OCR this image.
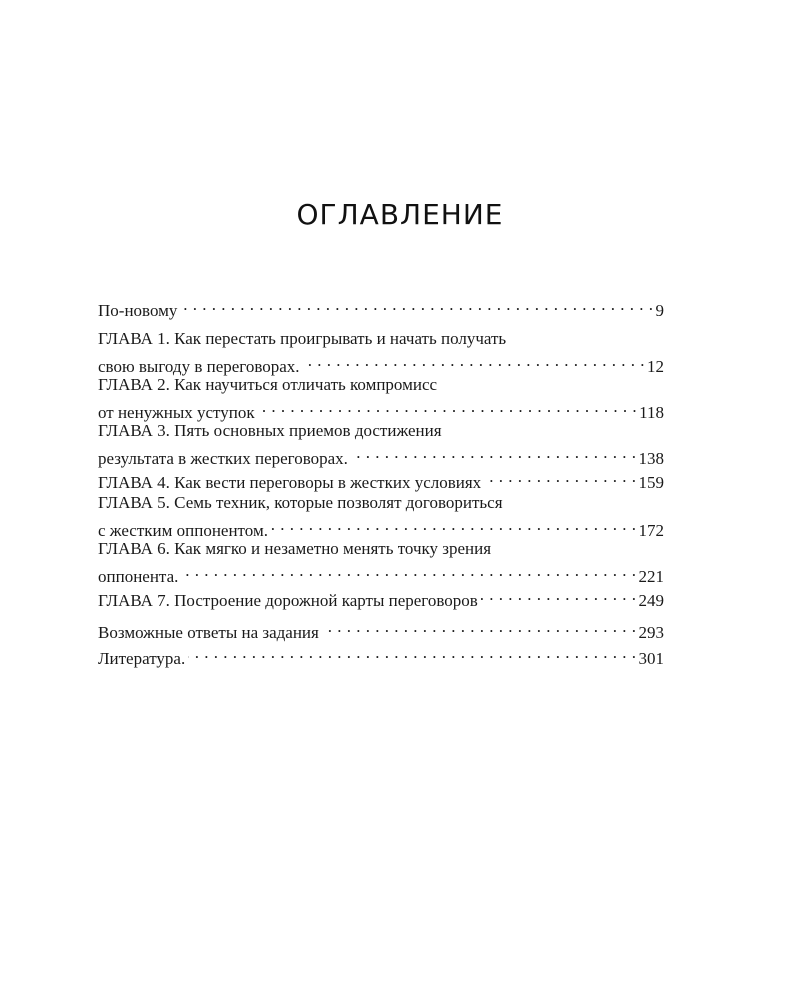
ОГЛАВЛЕНИЕ
По-новому . . .	9
ГЛАВА 1. Как перестать проигрывать и начать получать
свою выгоду в переговорах. . . .	12
ГЛАВА 2. Как научиться отличать компромисс
от ненужных уступок . . .	118
ГЛАВА 3. Пять основных приемов достижения
результата в жестких переговорах. . . .	138
ГЛАВА 4. Как вести переговоры в жестких условиях . . .	159
ГЛАВА 5. Семь техник, которые позволят договориться
с жестким оппонентом. . . .	172
ГЛАВА 6. Как мягко и незаметно менять точку зрения
оппонента. . . .	221
ГЛАВА 7. Построение дорожной карты переговоров . . .	249
Возможные ответы на задания . . .	293
Литература. . . .	301
